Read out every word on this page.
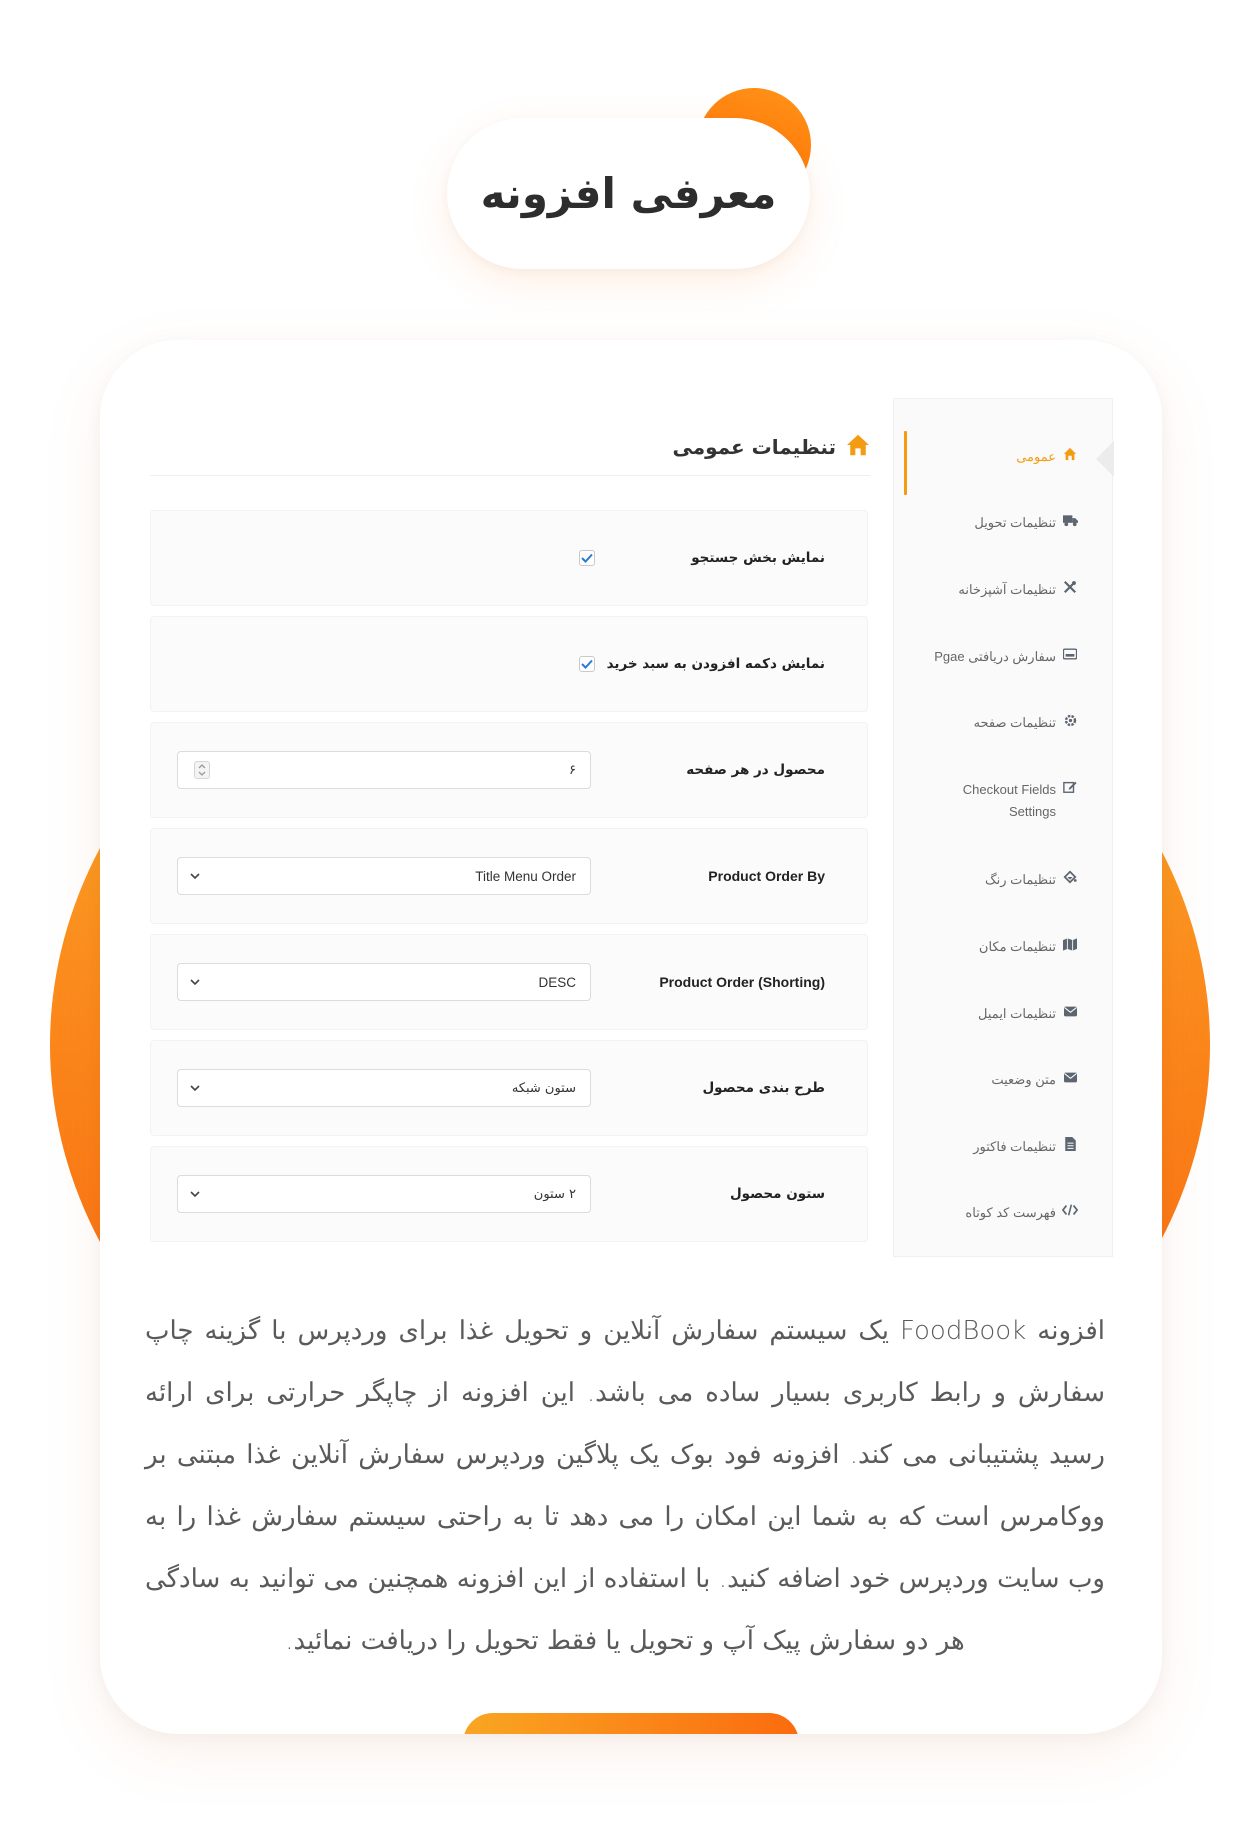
معرفی افزونه
عمومی
تنظیمات تحویل
تنظیمات آشپزخانه
سفارش دریافتی Pgae
تنظیمات صفحه
Checkout Fields Settings
تنظیمات رنگ
تنظیمات مکان
تنظیمات ایمیل
متن وضعیت
تنظیمات فاکتور
فهرست کد کوتاه
تنظیمات عمومی
نمایش بخش جستجو
نمایش دکمه افزودن به سبد خرید
محصول در هر صفحه
۶
Product Order By
Title Menu Order
Product Order (Shorting)
DESC
طرح بندی محصول
ستون شبکه
ستون محصول
۲ ستون

افزونه FoodBook یک سیستم سفارش آنلاین و تحویل غذا برای وردپرس با گزینه چاپ سفارش و رابط کاربری بسیار ساده می باشد. این افزونه از چاپگر حرارتی برای ارائه رسید پشتیبانی می کند. افزونه فود بوک یک پلاگین وردپرس سفارش آنلاین غذا مبتنی بر ووکامرس است که به شما این امکان را می دهد تا به راحتی سیستم سفارش غذا را به وب سایت وردپرس خود اضافه کنید. با استفاده از این افزونه همچنین می توانید به سادگی هر دو سفارش پیک آپ و تحویل یا فقط تحویل را دریافت نمائید.
